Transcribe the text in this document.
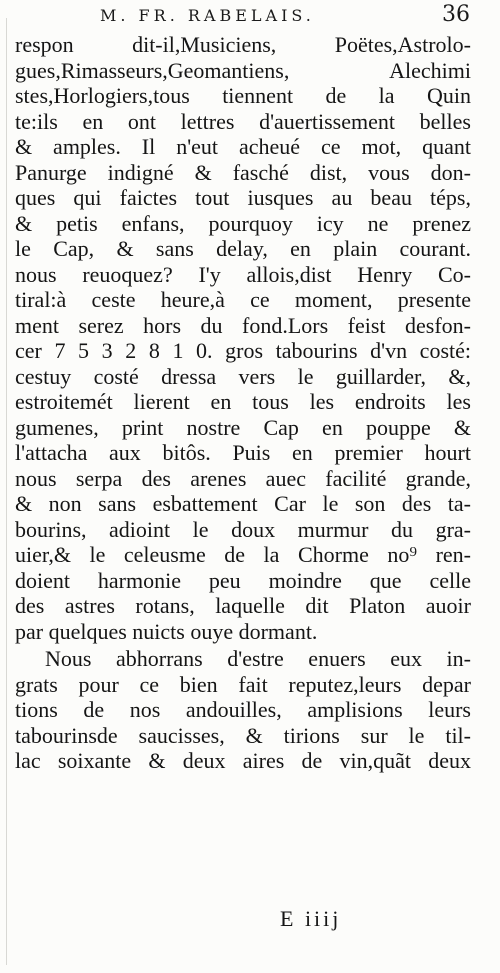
M. FR. RABELAIS.	36
respon dit-il,Musiciens, Poëtes,Astrolo-
gues,Rimasseurs,Geomantiens, Alechimi
stes,Horlogiers,tous tiennent de la Quin
te:ils en ont lettres d'auertissement belles
& amples. Il n'eut acheué ce mot, quant
Panurge indigné & fasché dist, vous don-
ques qui faictes tout iusques au beau téps,
& petis enfans, pourquoy icy ne prenez
le Cap, & sans delay, en plain courant.
nous reuoquez? I'y allois,dist Henry Co-
tiral:à ceste heure,à ce moment, presente
ment serez hors du fond.Lors feist desfon-
cer 7 5 3 2 8 1 0. gros tabourins d'vn costé:
cestuy costé dressa vers le guillarder, &,
estroitemét lierent en tous les endroits les
gumenes, print nostre Cap en pouppe &
l'attacha aux bitôs. Puis en premier hourt
nous serpa des arenes auec facilité grande,
& non sans esbattement Car le son des ta-
bourins, adioint le doux murmur du gra-
uier,& le celeusme de la Chorme no⁹ ren-
doient harmonie peu moindre que celle
des astres rotans, laquelle dit Platon auoir
par quelques nuicts ouye dormant.
Nous abhorrans d'estre enuers eux in-
grats pour ce bien fait reputez,leurs depar
tions de nos andouilles, amplisions leurs
tabourinsde saucisses, & tirions sur le til-
lac soixante & deux aires de vin,quãt deux
E iiij
